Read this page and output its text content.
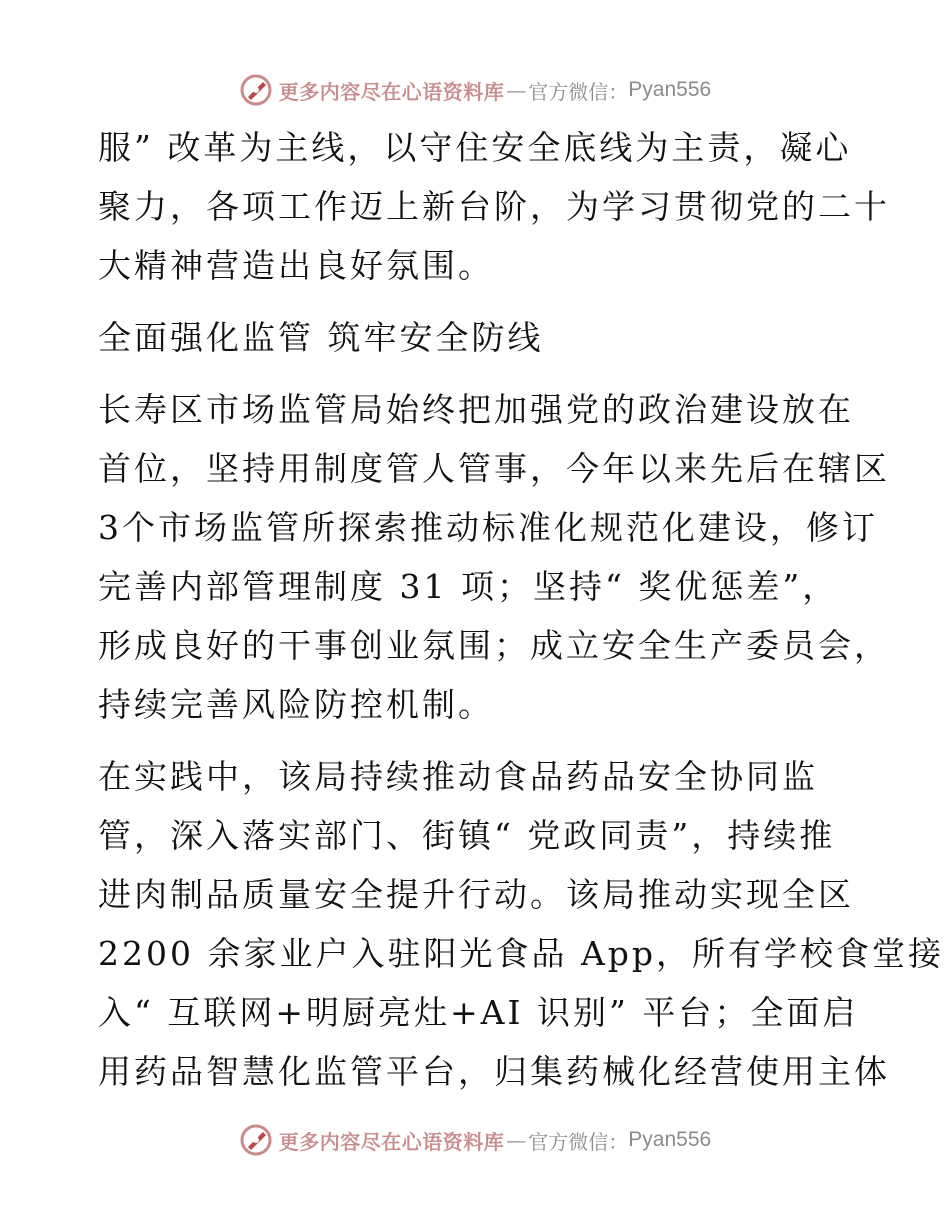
更多内容尽在心语资料库 — 官方微信： Pyan556
服” 改革为主线，以守住安全底线为主责，凝心
聚力，各项工作迈上新台阶，为学习贯彻党的二十
大精神营造出良好氛围。
全面强化监管 筑牢安全防线
长寿区市场监管局始终把加强党的政治建设放在
首位，坚持用制度管人管事，今年以来先后在辖区
3个市场监管所探索推动标准化规范化建设，修订
完善内部管理制度 31 项；坚持“ 奖优惩差”，
形成良好的干事创业氛围；成立安全生产委员会，
持续完善风险防控机制。
在实践中，该局持续推动食品药品安全协同监
管，深入落实部门、街镇“ 党政同责”，持续推
进肉制品质量安全提升行动。该局推动实现全区
2200 余家业户入驻阳光食品 App，所有学校食堂接
入“ 互联网+明厨亮灶+AI 识别” 平台；全面启
用药品智慧化监管平台，归集药械化经营使用主体
更多内容尽在心语资料库 — 官方微信： Pyan556
